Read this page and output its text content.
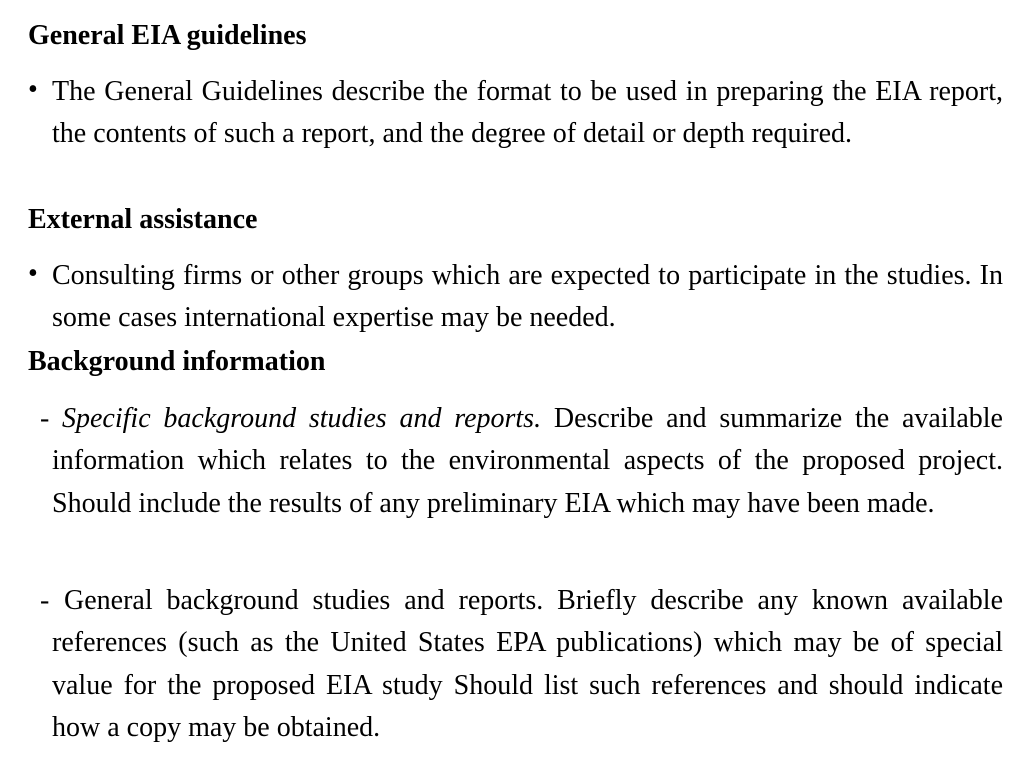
General EIA guidelines
• The General Guidelines describe the format to be used in preparing the EIA report, the contents of such a report, and the degree of detail or depth required.
External assistance
• Consulting firms or other groups which are expected to participate in the studies. In some cases international expertise may be needed.
Background information
- Specific background studies and reports. Describe and summarize the available information which relates to the environmental aspects of the proposed project. Should include the results of any preliminary EIA which may have been made.
- General background studies and reports. Briefly describe any known available references (such as the United States EPA publications) which may be of special value for the proposed EIA study Should list such references and should indicate how a copy may be obtained.
